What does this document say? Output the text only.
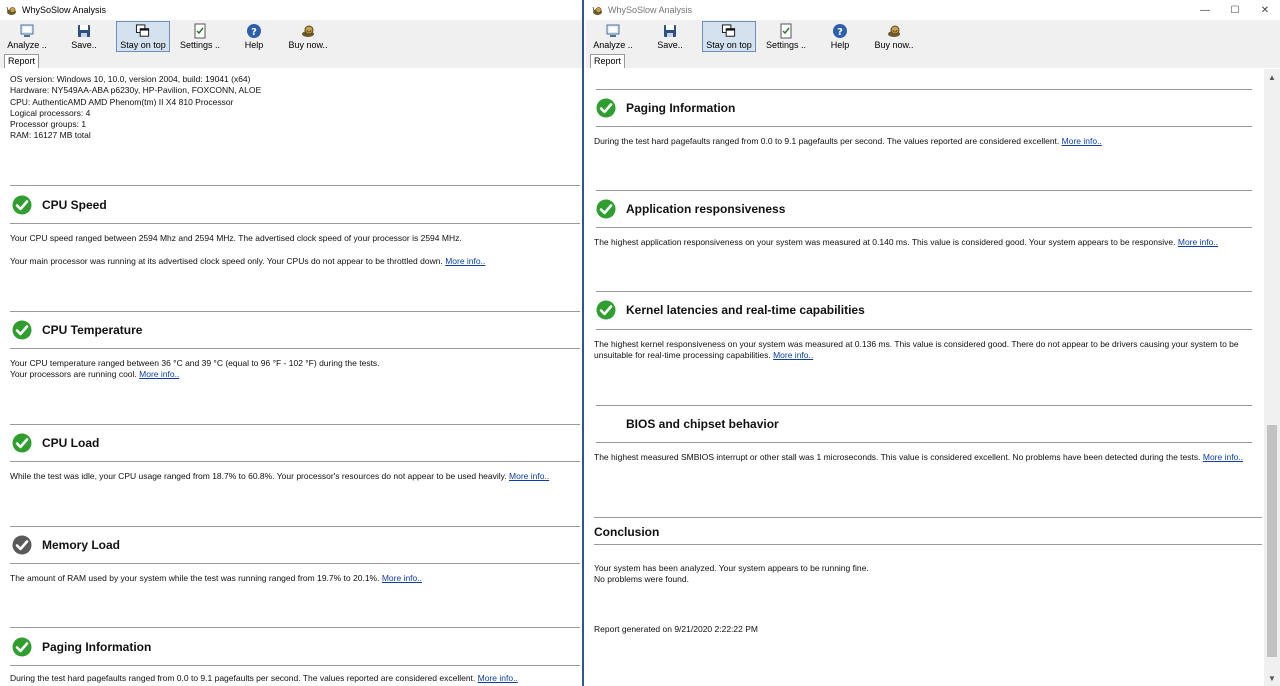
WhySoSlow Analysis
Analyze ..	Save..	Stay on top Settings ..
?
Help	Buy now..
Report
OS version: Windows 10, 10.0, version 2004, build: 19041 (x64)
Hardware: NY549AA-ABA p6230y, HP-Pavilion, FOXCONN, ALOE
CPU: AuthenticAMD AMD Phenom(tm) II X4 810 Processor
Logical processors: 4
Processor groups: 1
RAM: 16127 MB total
CPU Speed

Your CPU speed ranged between 2594 Mhz and 2594 MHz. The advertised clock speed of your processor is 2594 MHz.

Your main processor was running at its advertised clock speed only. Your CPUs do not appear to be throttled down. More info..

CPU Temperature

Your CPU temperature ranged between 36 °C and 39 °C (equal to 96 °F - 102 °F) during the tests.

Your processors are running cool. More info..

CPU Load

While the test was idle, your CPU usage ranged from 18.7% to 60.8%. Your processor's resources do not appear to be used heavily. More info..

Memory Load

The amount of RAM used by your system while the test was running ranged from 19.7% to 20.1%. More info..

Paging Information

During the test hard pagefaults ranged from 0.0 to 9.1 pagefaults per second. The values reported are considered excellent. More info..

WhySoSlow Analysis	—	☐	✕
Analyze ..	Save..	Stay on top Settings ..
?
Help	Buy now..
Report
Paging Information

During the test hard pagefaults ranged from 0.0 to 9.1 pagefaults per second. The values reported are considered excellent. More info..

Application responsiveness

The highest application responsiveness on your system was measured at 0.140 ms. This value is considered good. Your system appears to be responsive. More info..

Kernel latencies and real-time capabilities

The highest kernel responsiveness on your system was measured at 0.136 ms. This value is considered good. There do not appear to be drivers causing your system to be unsuitable for real-time processing capabilities. More info..

BIOS and chipset behavior

The highest measured SMBIOS interrupt or other stall was 1 microseconds. This value is considered excellent. No problems have been detected during the tests. More info..

Conclusion

Your system has been analyzed. Your system appears to be running fine.

No problems were found.

Report generated on 9/21/2020 2:22:22 PM

▲
▼
